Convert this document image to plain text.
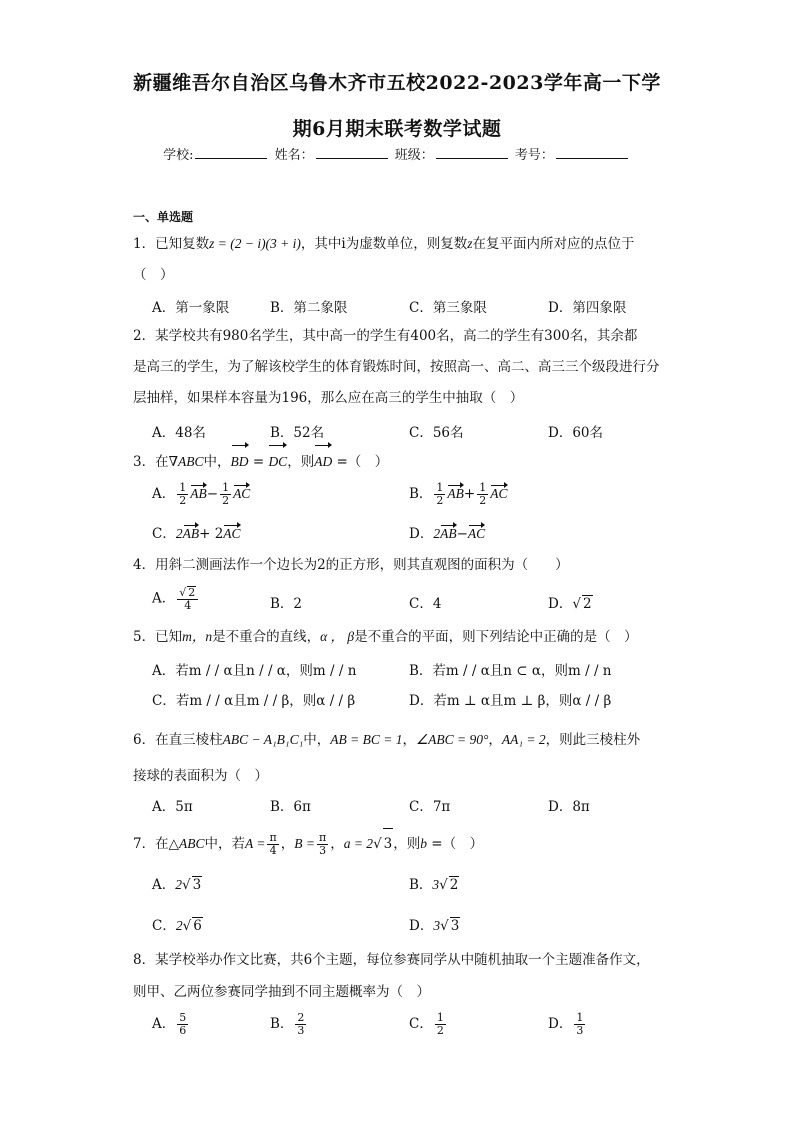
新疆维吾尔自治区乌鲁木齐市五校2022-2023学年高一下学
期6月期末联考数学试题
学校:	姓名：	班级：	考号：
一、单选题
1．已知复数z = (2 − i)(3 + i)，其中i为虚数单位，则复数z在复平面内所对应的点位于
（　）
A．第一象限	B．第二象限	C．第三象限	D．第四象限
2．某学校共有980名学生，其中高一的学生有400名，高二的学生有300名，其余都
是高三的学生，为了解该校学生的体育锻炼时间，按照高一、高二、高三三个级段进行分
层抽样，如果样本容量为196，那么应在高三的学生中抽取（　）
A．48名	B．52名	C．56名	D．60名
3．在∇ABC中，BD = DC，则AD =（　）
A． $\frac{1}{2} AB- \frac{1}{2}$ AC	B． $\frac{1}{2} AB+ \frac{1}{2}$ AC
C．2AB+ 2AC	D．2AB−AC
4．用斜二测画法作一个边长为2的正方形，则其直观图的面积为（　　）
A． $\frac{√ 2}{4}$	B．2	C．4	D．√ 2
5．已知m，n是不重合的直线，α ， β是不重合的平面，则下列结论中正确的是（　）
A．若m / / α且n / / α，则m / / n	B．若m / / α且n ⊂ α，则m / / n
C．若m / / α且m / / β，则α / / β	D．若m ⊥ α且m ⊥ β，则α / / β
6．在直三棱柱ABC − A₁B₁C₁中，AB = BC = 1，∠ABC = 90°，AA₁ = 2，则此三棱柱外
接球的表面积为（　）
A．5π	B．6π	C．7π	D．8π
7．在△ABC中，若$A = \frac{\pi}{4}$ ，$B = \frac{\pi}{3}$ ，a = 2√ 3，则b =（　）
A．2√ 3	B．3√ 2
C．2√ 6	D．3√ 3
8．某学校举办作文比赛，共6个主题，每位参赛同学从中随机抽取一个主题准备作文，
则甲、乙两位参赛同学抽到不同主题概率为（　）
A． $\frac{5}{6}$	B． $\frac{2}{3}$	C． $\frac{1}{2}$	D． $\frac{1}{3}$
